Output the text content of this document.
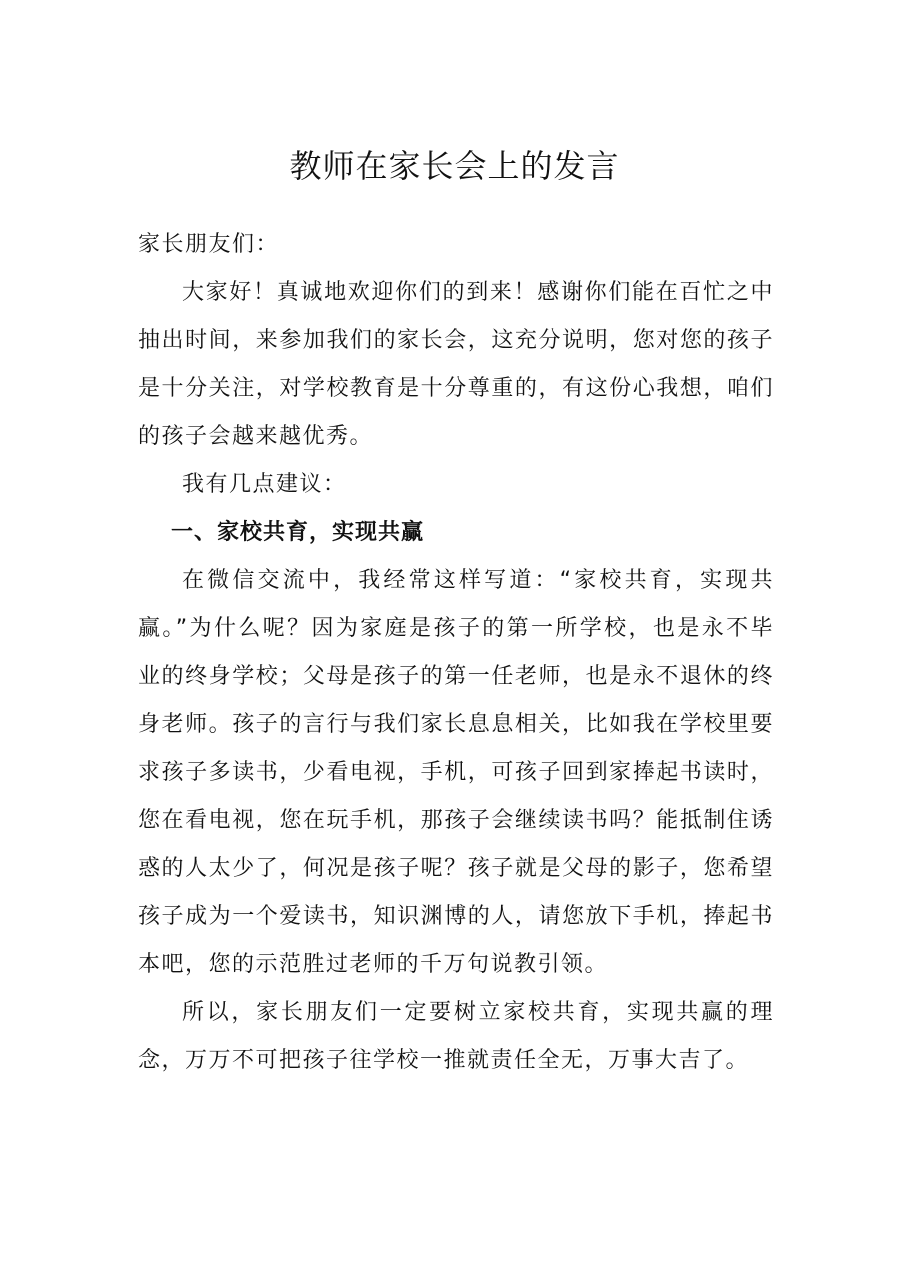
教师在家长会上的发言

家长朋友们：

大家好！真诚地欢迎你们的到来！感谢你们能在百忙之中抽出时间，来参加我们的家长会，这充分说明，您对您的孩子是十分关注，对学校教育是十分尊重的，有这份心我想，咱们的孩子会越来越优秀。

我有几点建议：

一、家校共育，实现共赢

在微信交流中，我经常这样写道：“家校共育，实现共赢。”为什么呢？因为家庭是孩子的第一所学校，也是永不毕业的终身学校；父母是孩子的第一任老师，也是永不退休的终身老师。孩子的言行与我们家长息息相关，比如我在学校里要求孩子多读书，少看电视，手机，可孩子回到家捧起书读时，您在看电视，您在玩手机，那孩子会继续读书吗？能抵制住诱惑的人太少了，何况是孩子呢？孩子就是父母的影子，您希望孩子成为一个爱读书，知识渊博的人，请您放下手机，捧起书本吧，您的示范胜过老师的千万句说教引领。

所以，家长朋友们一定要树立家校共育，实现共赢的理念，万万不可把孩子往学校一推就责任全无，万事大吉了。
